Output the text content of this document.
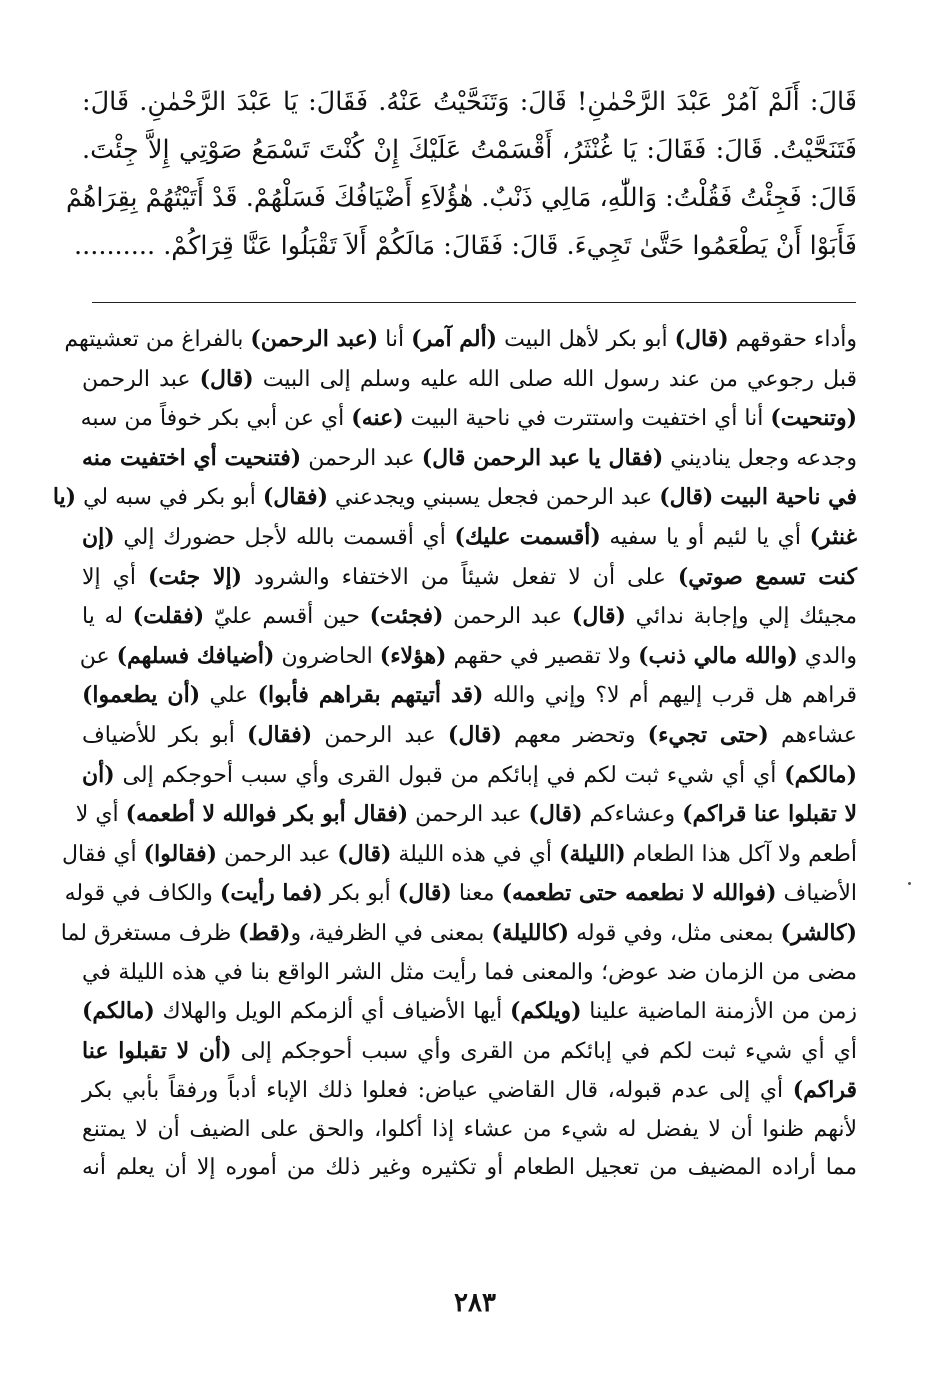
قَالَ: أَلَمْ آمُرْ عَبْدَ الرَّحْمٰنِ! قَالَ: وَتَنَحَّيْتُ عَنْهُ. فَقَالَ: يَا عَبْدَ الرَّحْمٰنِ. قَالَ:
فَتَنَحَّيْتُ. قَالَ: فَقَالَ: يَا غُنْثَرُ، أَقْسَمْتُ عَلَيْكَ إِنْ كُنْتَ تَسْمَعُ صَوْتِي إِلاَّ جِئْتَ.
قَالَ: فَجِئْتُ فَقُلْتُ: وَاللّٰهِ، مَالِي ذَنْبٌ. هٰؤُلاَءِ أَضْيَافُكَ فَسَلْهُمْ. قَدْ أَتَيْتُهُمْ بِقِرَاهُمْ
فَأَبَوْا أَنْ يَطْعَمُوا حَتَّىٰ تَجِيءَ. قَالَ: فَقَالَ: مَالَكُمْ أَلاَ تَقْبَلُوا عَنَّا قِرَاكُمْ. ..........
وأداء حقوقهم (قال) أبو بكر لأهل البيت (ألم آمر) أنا (عبد الرحمن) بالفراغ من تعشيتهم
قبل رجوعي من عند رسول الله صلى الله عليه وسلم إلى البيت (قال) عبد الرحمن
(وتنحيت) أنا أي اختفيت واستترت في ناحية البيت (عنه) أي عن أبي بكر خوفاً من سبه
وجدعه وجعل يناديني (فقال يا عبد الرحمن قال) عبد الرحمن (فتنحيت أي اختفيت منه
في ناحية البيت (قال) عبد الرحمن فجعل يسبني ويجدعني (فقال) أبو بكر في سبه لي (يا
غنثر) أي يا لئيم أو يا سفيه (أقسمت عليك) أي أقسمت بالله لأجل حضورك إلي (إن
كنت تسمع صوتي) على أن لا تفعل شيئاً من الاختفاء والشرود (إلا جئت) أي إلا
مجيئك إلي وإجابة ندائي (قال) عبد الرحمن (فجئت) حين أقسم عليّ (فقلت) له يا
والدي (والله مالي ذنب) ولا تقصير في حقهم (هؤلاء) الحاضرون (أضيافك فسلهم) عن
قراهم هل قرب إليهم أم لا؟ وإني والله (قد أتيتهم بقراهم فأبوا) علي (أن يطعموا)
عشاءهم (حتى تجيء) وتحضر معهم (قال) عبد الرحمن (فقال) أبو بكر للأضياف
(مالكم) أي أي شيء ثبت لكم في إبائكم من قبول القرى وأي سبب أحوجكم إلى (أن
لا تقبلوا عنا قراكم) وعشاءكم (قال) عبد الرحمن (فقال أبو بكر فوالله لا أطعمه) أي لا
أطعم ولا آكل هذا الطعام (الليلة) أي في هذه الليلة (قال) عبد الرحمن (فقالوا) أي فقال
الأضياف (فوالله لا نطعمه حتى تطعمه) معنا (قال) أبو بكر (فما رأيت) والكاف في قوله
(كالشر) بمعنى مثل، وفي قوله (كالليلة) بمعنى في الظرفية، و(قط) ظرف مستغرق لما
مضى من الزمان ضد عوض؛ والمعنى فما رأيت مثل الشر الواقع بنا في هذه الليلة في
زمن من الأزمنة الماضية علينا (ويلكم) أيها الأضياف أي ألزمكم الويل والهلاك (مالكم)
أي أي شيء ثبت لكم في إبائكم من القرى وأي سبب أحوجكم إلى (أن لا تقبلوا عنا
قراكم) أي إلى عدم قبوله، قال القاضي عياض: فعلوا ذلك الإباء أدباً ورفقاً بأبي بكر
لأنهم ظنوا أن لا يفضل له شيء من عشاء إذا أكلوا، والحق على الضيف أن لا يمتنع
مما أراده المضيف من تعجيل الطعام أو تكثيره وغير ذلك من أموره إلا أن يعلم أنه
٢٨٣
